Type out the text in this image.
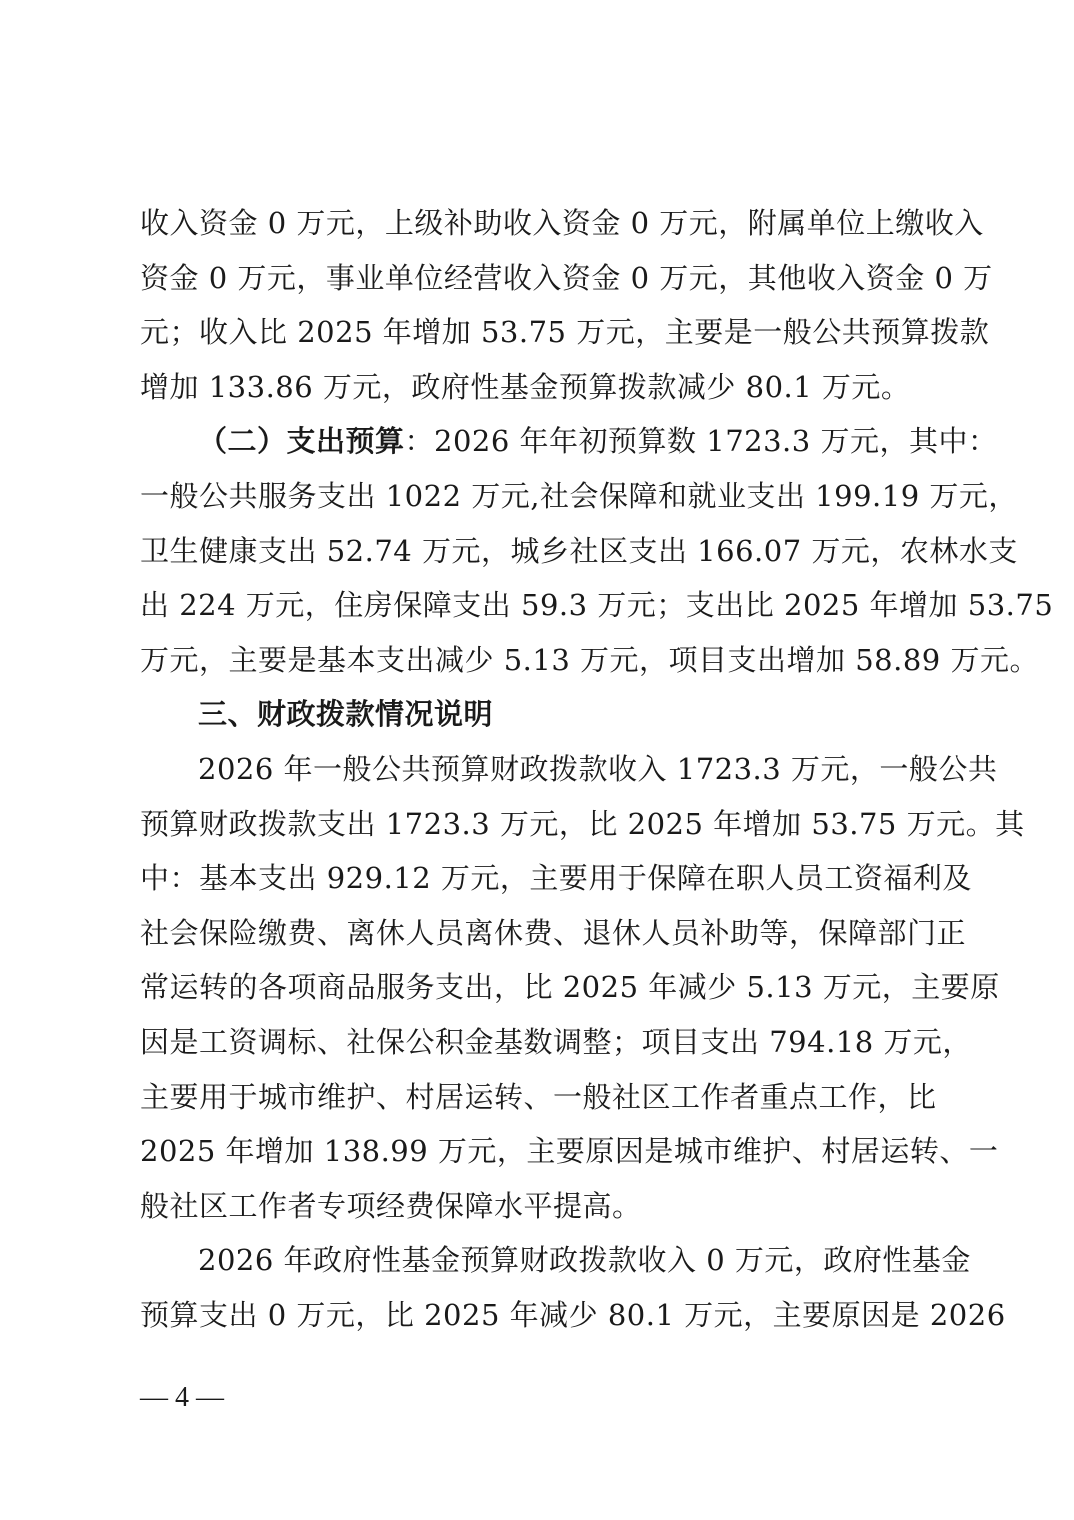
收入资金 0 万元，上级补助收入资金 0 万元，附属单位上缴收入
资金 0 万元，事业单位经营收入资金 0 万元，其他收入资金 0 万
元；收入比 2025 年增加 53.75 万元，主要是一般公共预算拨款
增加 133.86 万元，政府性基金预算拨款减少 80.1 万元。
（二）支出预算：2026 年年初预算数 1723.3 万元，其中：
一般公共服务支出 1022 万元,社会保障和就业支出 199.19 万元，
卫生健康支出 52.74 万元，城乡社区支出 166.07 万元，农林水支
出 224 万元，住房保障支出 59.3 万元；支出比 2025 年增加 53.75
万元，主要是基本支出减少 5.13 万元，项目支出增加 58.89 万元。
三、财政拨款情况说明
2026 年一般公共预算财政拨款收入 1723.3 万元，一般公共
预算财政拨款支出 1723.3 万元，比 2025 年增加 53.75 万元。其
中：基本支出 929.12 万元，主要用于保障在职人员工资福利及
社会保险缴费、离休人员离休费、退休人员补助等，保障部门正
常运转的各项商品服务支出，比 2025 年减少 5.13 万元，主要原
因是工资调标、社保公积金基数调整；项目支出 794.18 万元，
主要用于城市维护、村居运转、一般社区工作者重点工作，比
2025 年增加 138.99 万元，主要原因是城市维护、村居运转、一
般社区工作者专项经费保障水平提高。
2026 年政府性基金预算财政拨款收入 0 万元，政府性基金
预算支出 0 万元，比 2025 年减少 80.1 万元，主要原因是 2026
— 4 —
